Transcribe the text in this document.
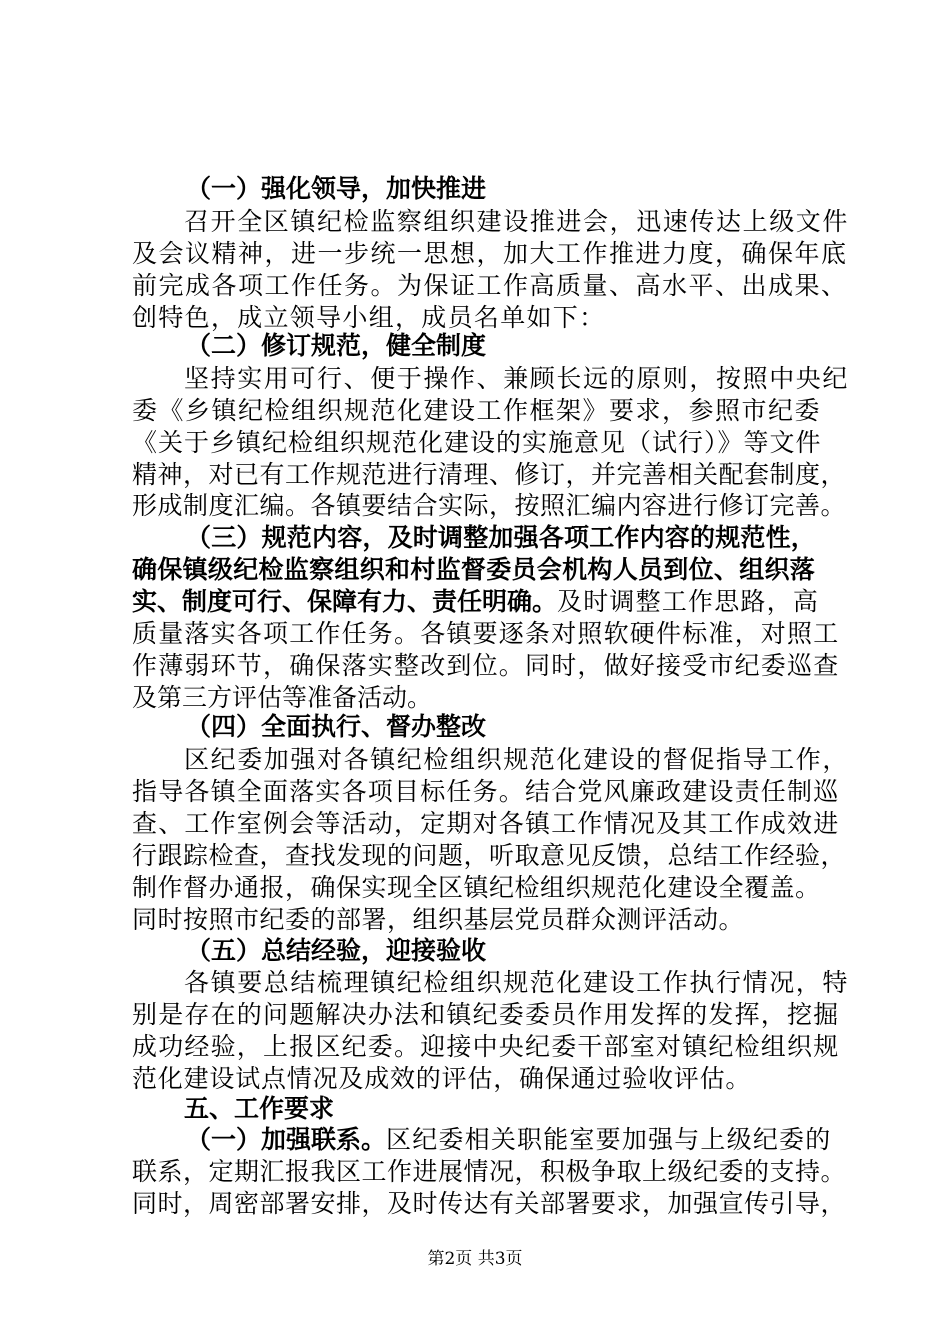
（一）强化领导，加快推进
召开全区镇纪检监察组织建设推进会，迅速传达上级文件
及会议精神，进一步统一思想，加大工作推进力度，确保年底
前完成各项工作任务。为保证工作高质量、高水平、出成果、
创特色，成立领导小组，成员名单如下：
（二）修订规范，健全制度
坚持实用可行、便于操作、兼顾长远的原则，按照中央纪
委《乡镇纪检组织规范化建设工作框架》要求，参照市纪委
《关于乡镇纪检组织规范化建设的实施意见（试行）》等文件
精神，对已有工作规范进行清理、修订，并完善相关配套制度，
形成制度汇编。各镇要结合实际，按照汇编内容进行修订完善。
（三）规范内容，及时调整加强各项工作内容的规范性，
确保镇级纪检监察组织和村监督委员会机构人员到位、组织落
实、制度可行、保障有力、责任明确。及时调整工作思路，高
质量落实各项工作任务。各镇要逐条对照软硬件标准，对照工
作薄弱环节，确保落实整改到位。同时，做好接受市纪委巡查
及第三方评估等准备活动。
（四）全面执行、督办整改
区纪委加强对各镇纪检组织规范化建设的督促指导工作，
指导各镇全面落实各项目标任务。结合党风廉政建设责任制巡
查、工作室例会等活动，定期对各镇工作情况及其工作成效进
行跟踪检查，查找发现的问题，听取意见反馈，总结工作经验，
制作督办通报，确保实现全区镇纪检组织规范化建设全覆盖。
同时按照市纪委的部署，组织基层党员群众测评活动。
（五）总结经验，迎接验收
各镇要总结梳理镇纪检组织规范化建设工作执行情况，特
别是存在的问题解决办法和镇纪委委员作用发挥的发挥，挖掘
成功经验，上报区纪委。迎接中央纪委干部室对镇纪检组织规
范化建设试点情况及成效的评估，确保通过验收评估。
五、工作要求
（一）加强联系。区纪委相关职能室要加强与上级纪委的
联系，定期汇报我区工作进展情况，积极争取上级纪委的支持。
同时，周密部署安排，及时传达有关部署要求，加强宣传引导，
第2页 共3页
